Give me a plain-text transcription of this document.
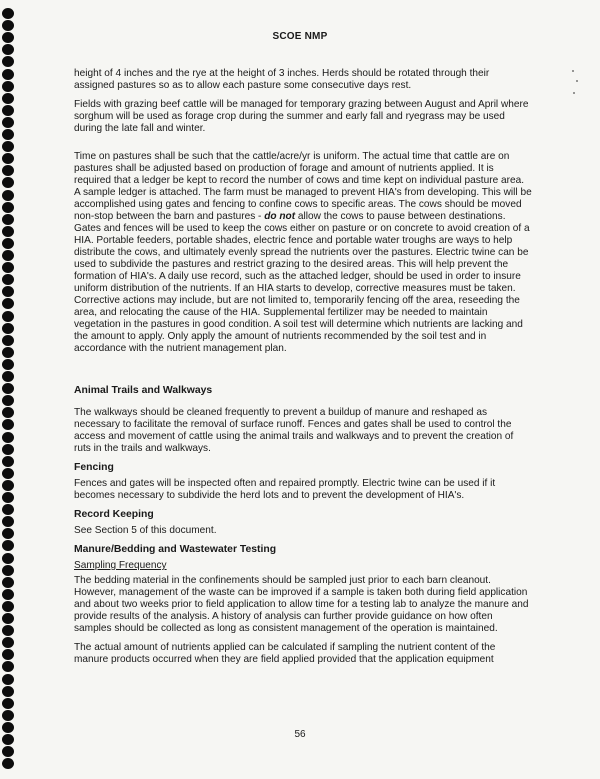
SCOE NMP

height of 4 inches and the rye at the height of 3 inches. Herds should be rotated through their assigned pastures so as to allow each pasture some consecutive days rest.

Fields with grazing beef cattle will be managed for temporary grazing between August and April where sorghum will be used as forage crop during the summer and early fall and ryegrass may be used during the late fall and winter.

Time on pastures shall be such that the cattle/acre/yr is uniform. The actual time that cattle are on pastures shall be adjusted based on production of forage and amount of nutrients applied. It is required that a ledger be kept to record the number of cows and time kept on individual pasture area. A sample ledger is attached. The farm must be managed to prevent HIA's from developing. This will be accomplished using gates and fencing to confine cows to specific areas. The cows should be moved non-stop between the barn and pastures - do not allow the cows to pause between destinations. Gates and fences will be used to keep the cows either on pasture or on concrete to avoid creation of a HIA. Portable feeders, portable shades, electric fence and portable water troughs are ways to help distribute the cows, and ultimately evenly spread the nutrients over the pastures. Electric twine can be used to subdivide the pastures and restrict grazing to the desired areas. This will help prevent the formation of HIA's. A daily use record, such as the attached ledger, should be used in order to insure uniform distribution of the nutrients. If an HIA starts to develop, corrective measures must be taken. Corrective actions may include, but are not limited to, temporarily fencing off the area, reseeding the area, and relocating the cause of the HIA. Supplemental fertilizer may be needed to maintain vegetation in the pastures in good condition. A soil test will determine which nutrients are lacking and the amount to apply. Only apply the amount of nutrients recommended by the soil test and in accordance with the nutrient management plan.

Animal Trails and Walkways

The walkways should be cleaned frequently to prevent a buildup of manure and reshaped as necessary to facilitate the removal of surface runoff. Fences and gates shall be used to control the access and movement of cattle using the animal trails and walkways and to prevent the creation of ruts in the trails and walkways.

Fencing

Fences and gates will be inspected often and repaired promptly. Electric twine can be used if it becomes necessary to subdivide the herd lots and to prevent the development of HIA's.

Record Keeping

See Section 5 of this document.

Manure/Bedding and Wastewater Testing
Sampling Frequency

The bedding material in the confinements should be sampled just prior to each barn cleanout. However, management of the waste can be improved if a sample is taken both during field application and about two weeks prior to field application to allow time for a testing lab to analyze the manure and provide results of the analysis. A history of analysis can further provide guidance on how often samples should be collected as long as consistent management of the operation is maintained.

The actual amount of nutrients applied can be calculated if sampling the nutrient content of the manure products occurred when they are field applied provided that the application equipment

56
